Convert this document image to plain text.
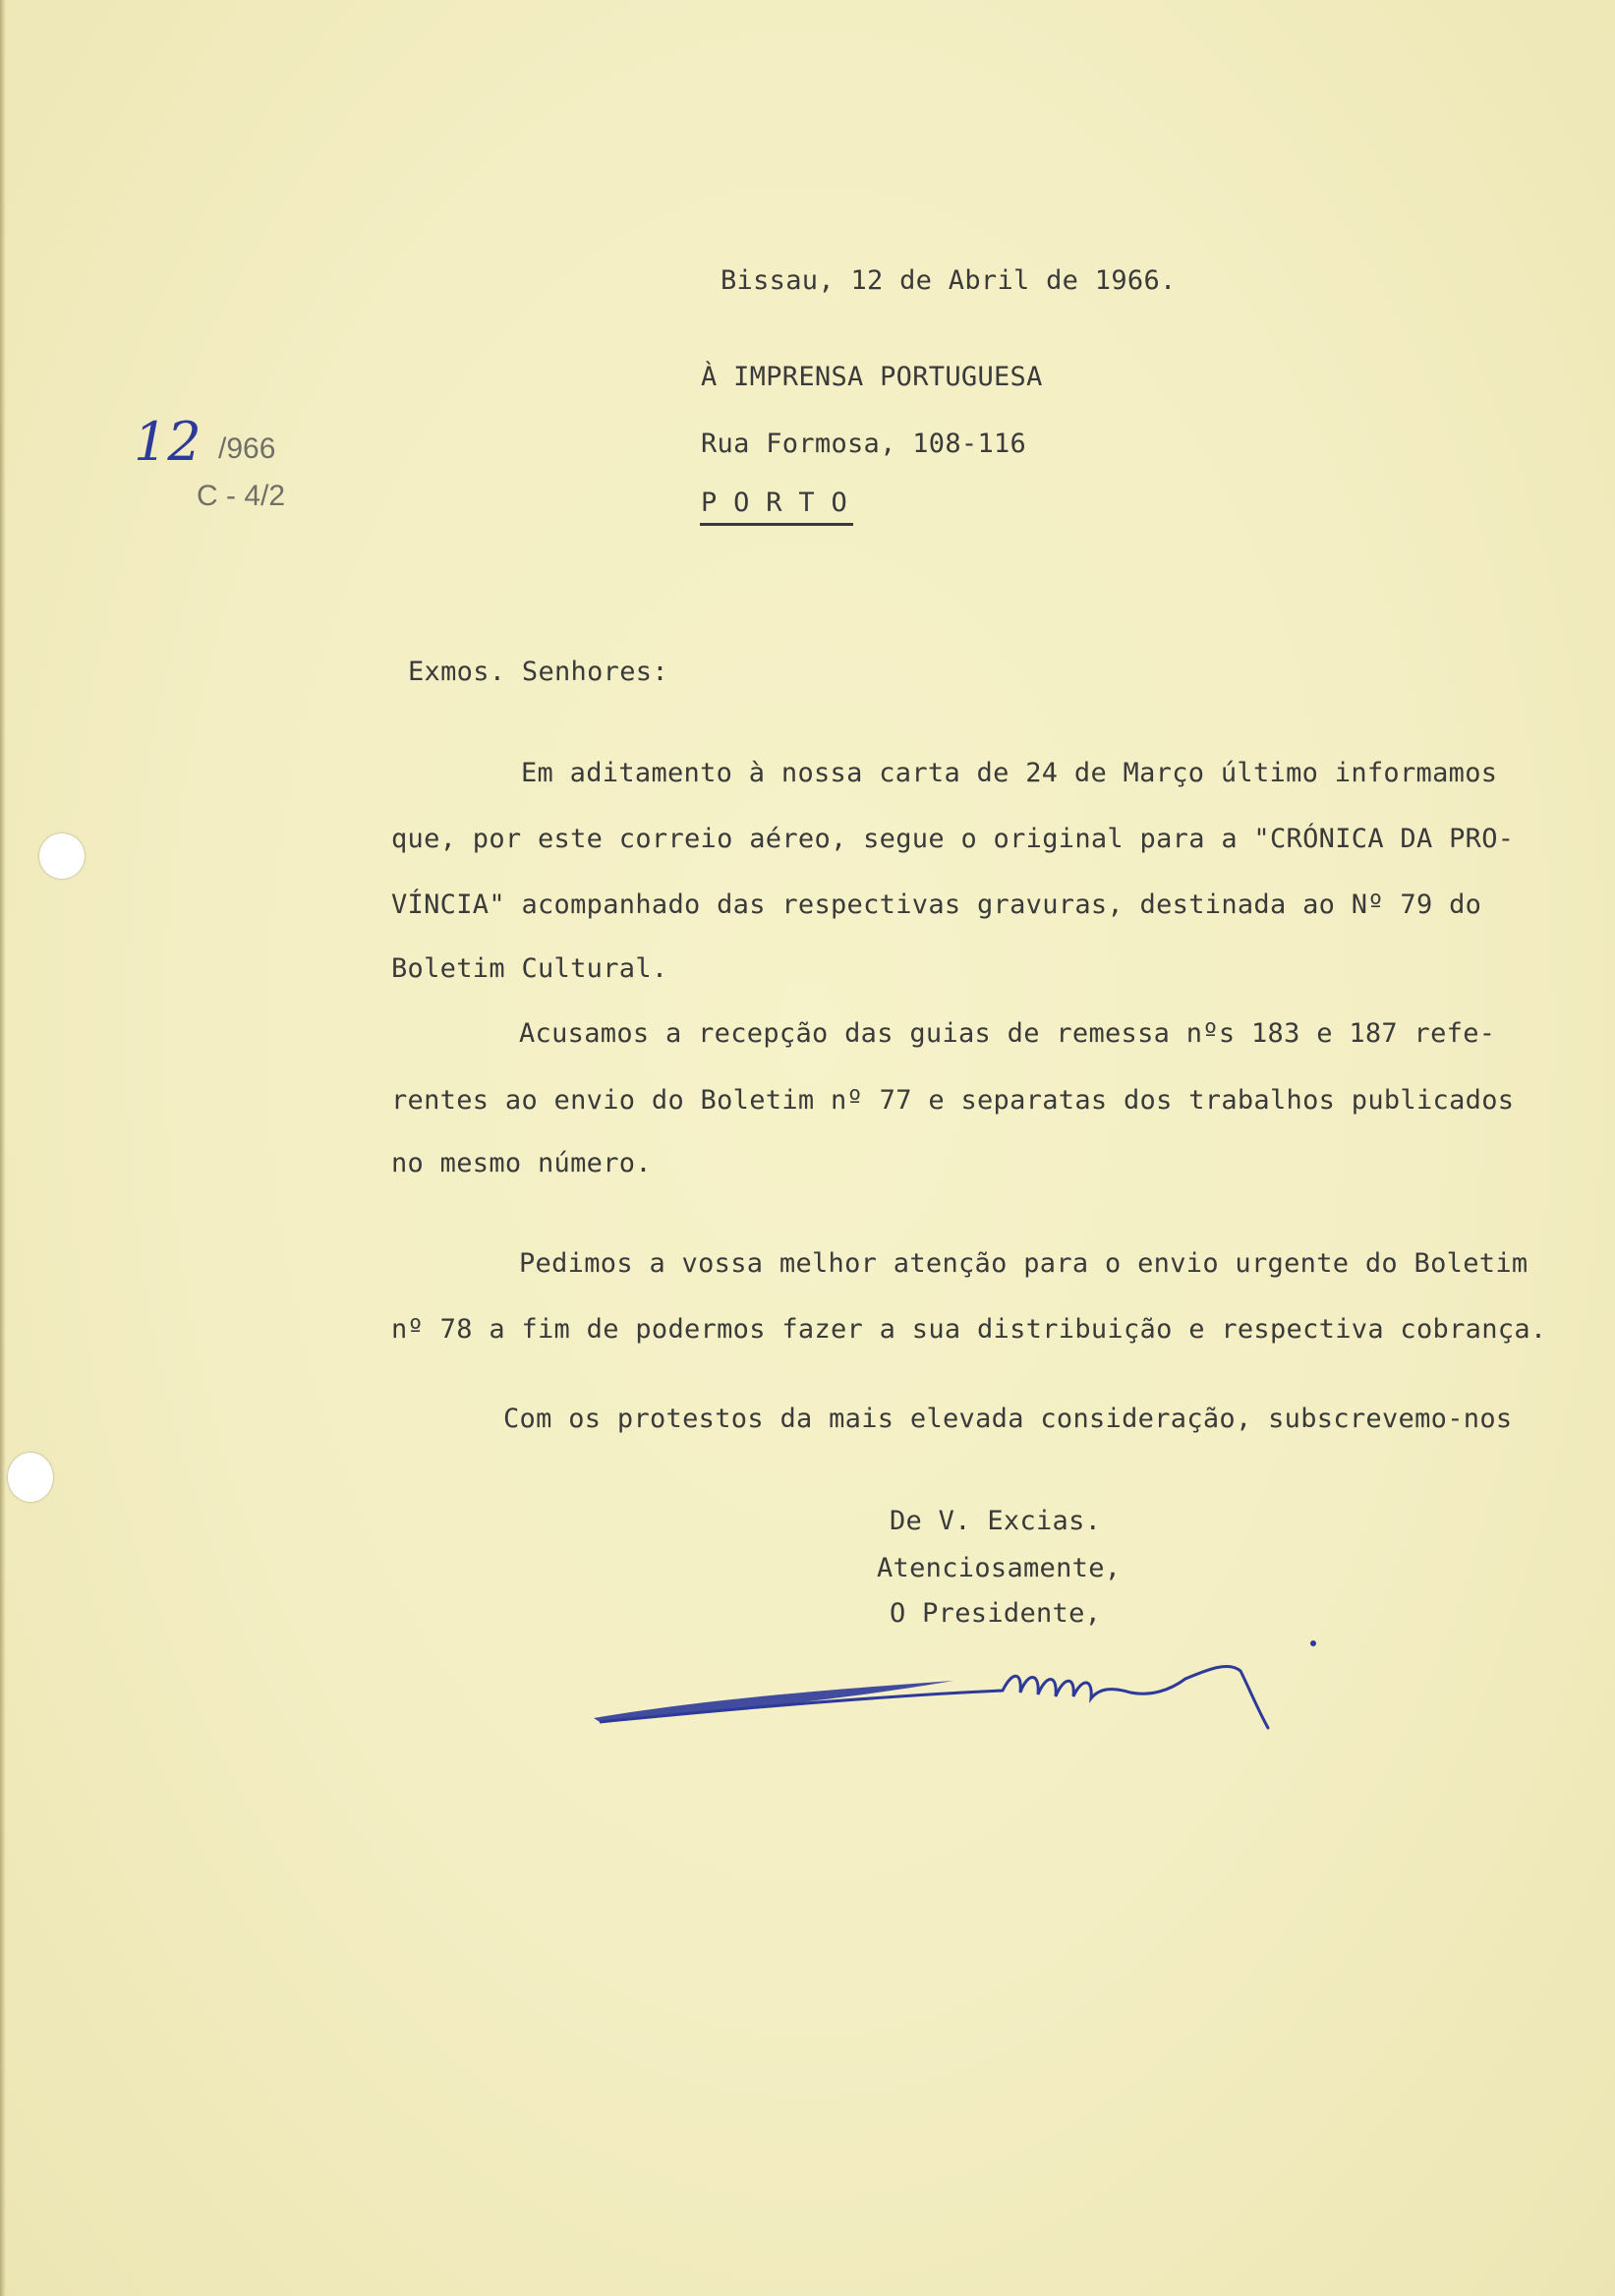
Bissau, 12 de Abril de 1966.
À IMPRENSA PORTUGUESA
Rua Formosa, 108-116
P O R T O
12 /966
C - 4/2
Exmos. Senhores:
Em aditamento à nossa carta de 24 de Março último informamos
que, por este correio aéreo, segue o original para a "CRÓNICA DA PRO-
VÍNCIA" acompanhado das respectivas gravuras, destinada ao Nº 79 do
Boletim Cultural.
Acusamos a recepção das guias de remessa nºs 183 e 187 refe-
rentes ao envio do Boletim nº 77 e separatas dos trabalhos publicados
no mesmo número.
Pedimos a vossa melhor atenção para o envio urgente do Boletim
nº 78 a fim de podermos fazer a sua distribuição e respectiva cobrança.
Com os protestos da mais elevada consideração, subscrevemo-nos
De V. Excias.
Atenciosamente,
O Presidente,
